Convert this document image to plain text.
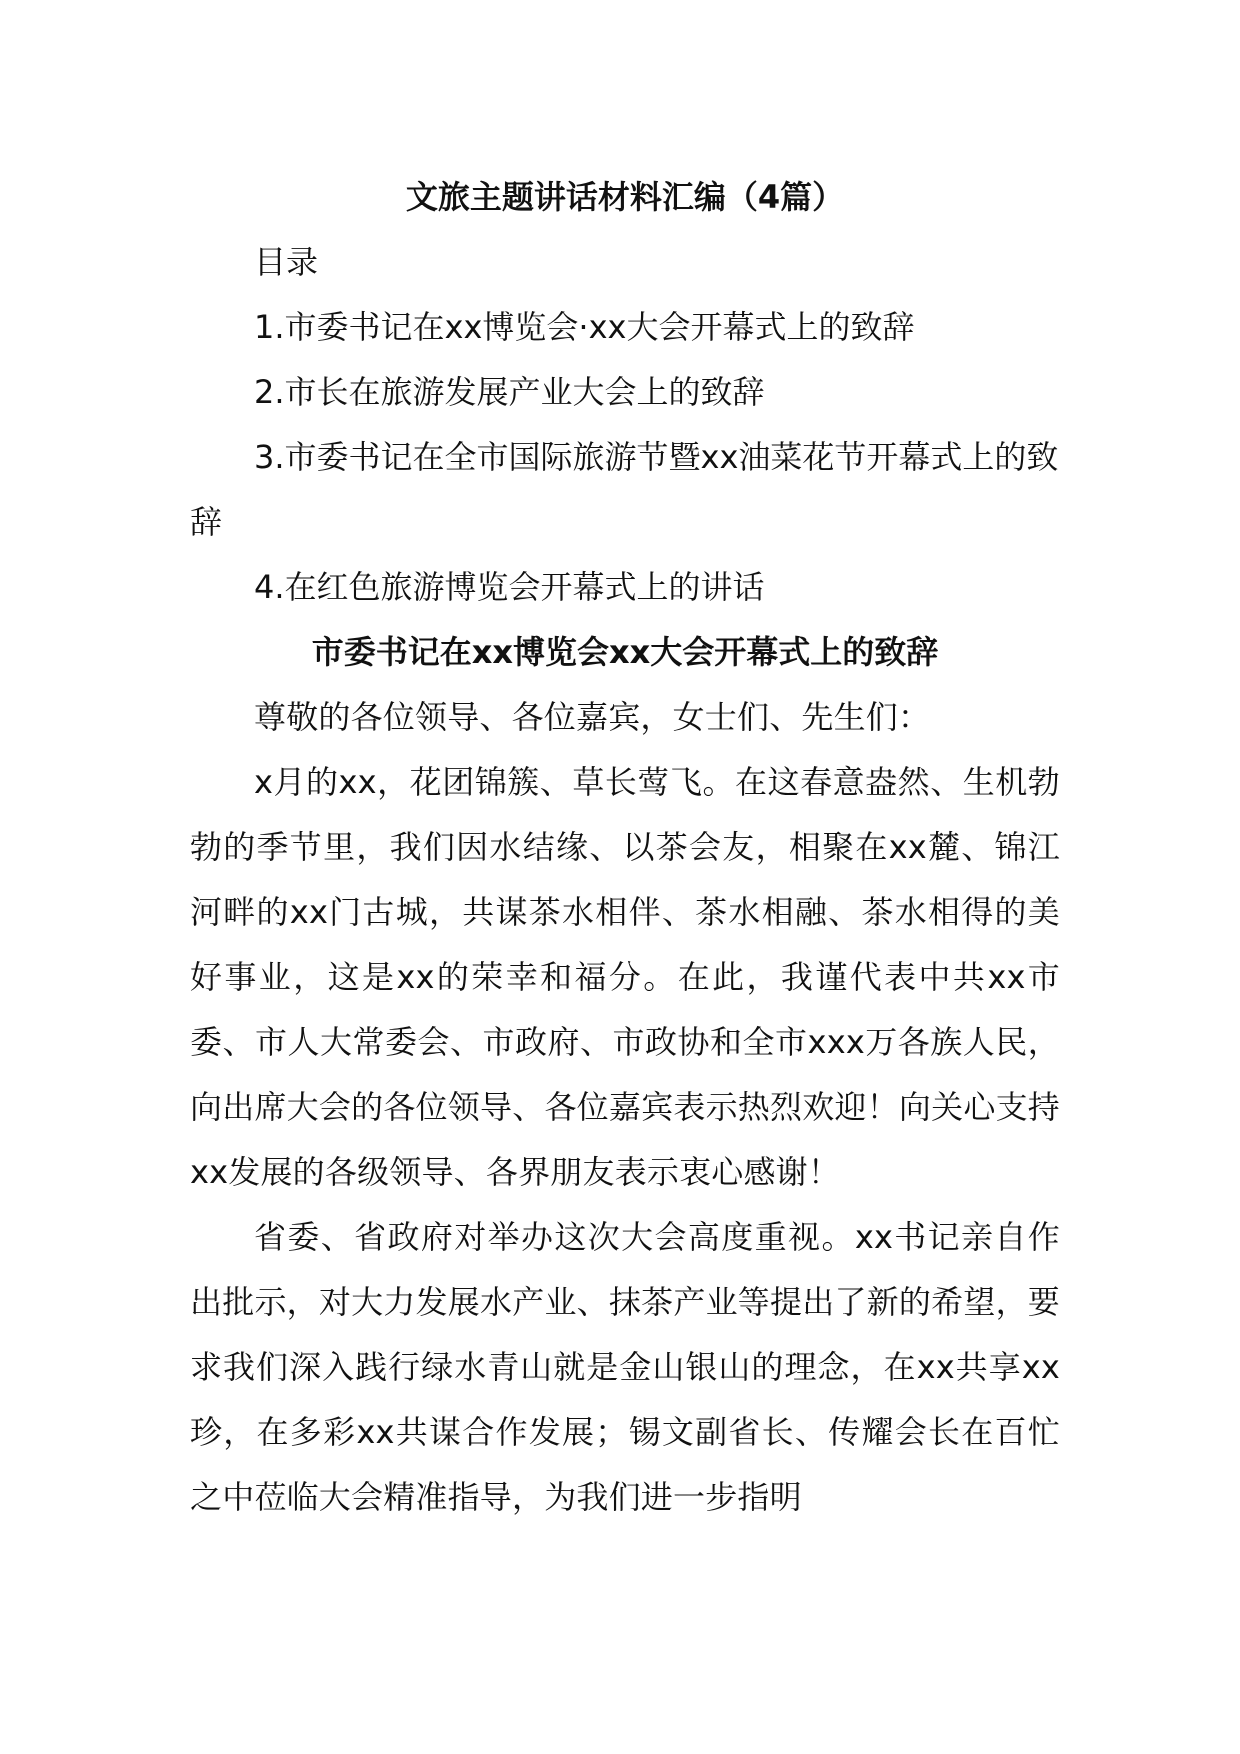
文旅主题讲话材料汇编（4篇）

目录

1.市委书记在xx博览会·xx大会开幕式上的致辞

2.市长在旅游发展产业大会上的致辞

3.市委书记在全市国际旅游节暨xx油菜花节开幕式上的致辞

4.在红色旅游博览会开幕式上的讲话

市委书记在xx博览会xx大会开幕式上的致辞

尊敬的各位领导、各位嘉宾，女士们、先生们：

x月的xx，花团锦簇、草长莺飞。在这春意盎然、生机勃勃的季节里，我们因水结缘、以茶会友，相聚在xx麓、锦江河畔的xx门古城，共谋茶水相伴、茶水相融、茶水相得的美好事业，这是xx的荣幸和福分。在此，我谨代表中共xx市委、市人大常委会、市政府、市政协和全市xxx万各族人民，向出席大会的各位领导、各位嘉宾表示热烈欢迎！向关心支持xx发展的各级领导、各界朋友表示衷心感谢！

省委、省政府对举办这次大会高度重视。xx书记亲自作出批示，对大力发展水产业、抹茶产业等提出了新的希望，要求我们深入践行绿水青山就是金山银山的理念，在xx共享xx珍，在多彩xx共谋合作发展；锡文副省长、传耀会长在百忙之中莅临大会精准指导，为我们进一步指明
